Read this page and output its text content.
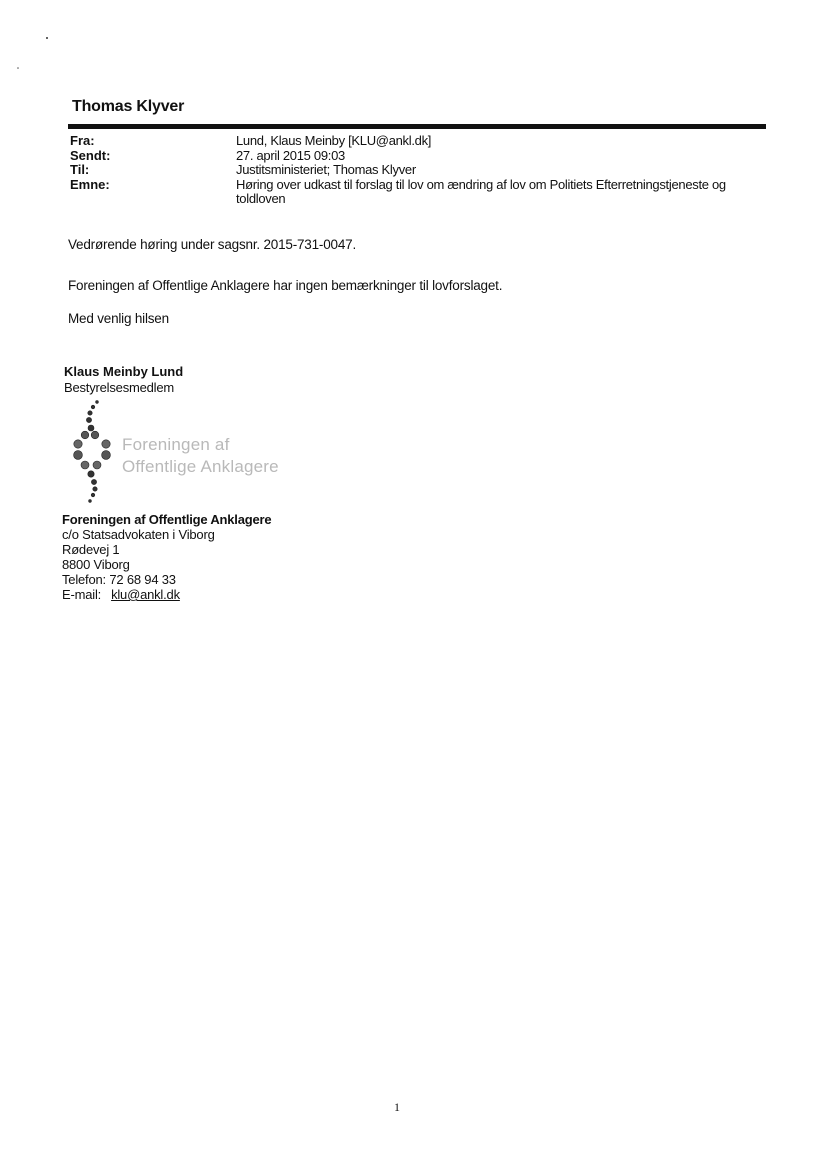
Thomas Klyver
Fra:	Lund, Klaus Meinby [KLU@ankl.dk]
Sendt:	27. april 2015 09:03
Til:	Justitsministeriet; Thomas Klyver
Emne:	Høring over udkast til forslag til lov om ændring af lov om Politiets Efterretningstjeneste og toldloven
Vedrørende høring under sagsnr. 2015-731-0047.
Foreningen af Offentlige Anklagere har ingen bemærkninger til lovforslaget.
Med venlig hilsen
Klaus Meinby Lund
Bestyrelsesmedlem
Foreningen af
Offentlige Anklagere
Foreningen af Offentlige Anklagere
c/o Statsadvokaten i Viborg
Rødevej 1
8800 Viborg
Telefon: 72 68 94 33
E-mail: klu@ankl.dk
1
